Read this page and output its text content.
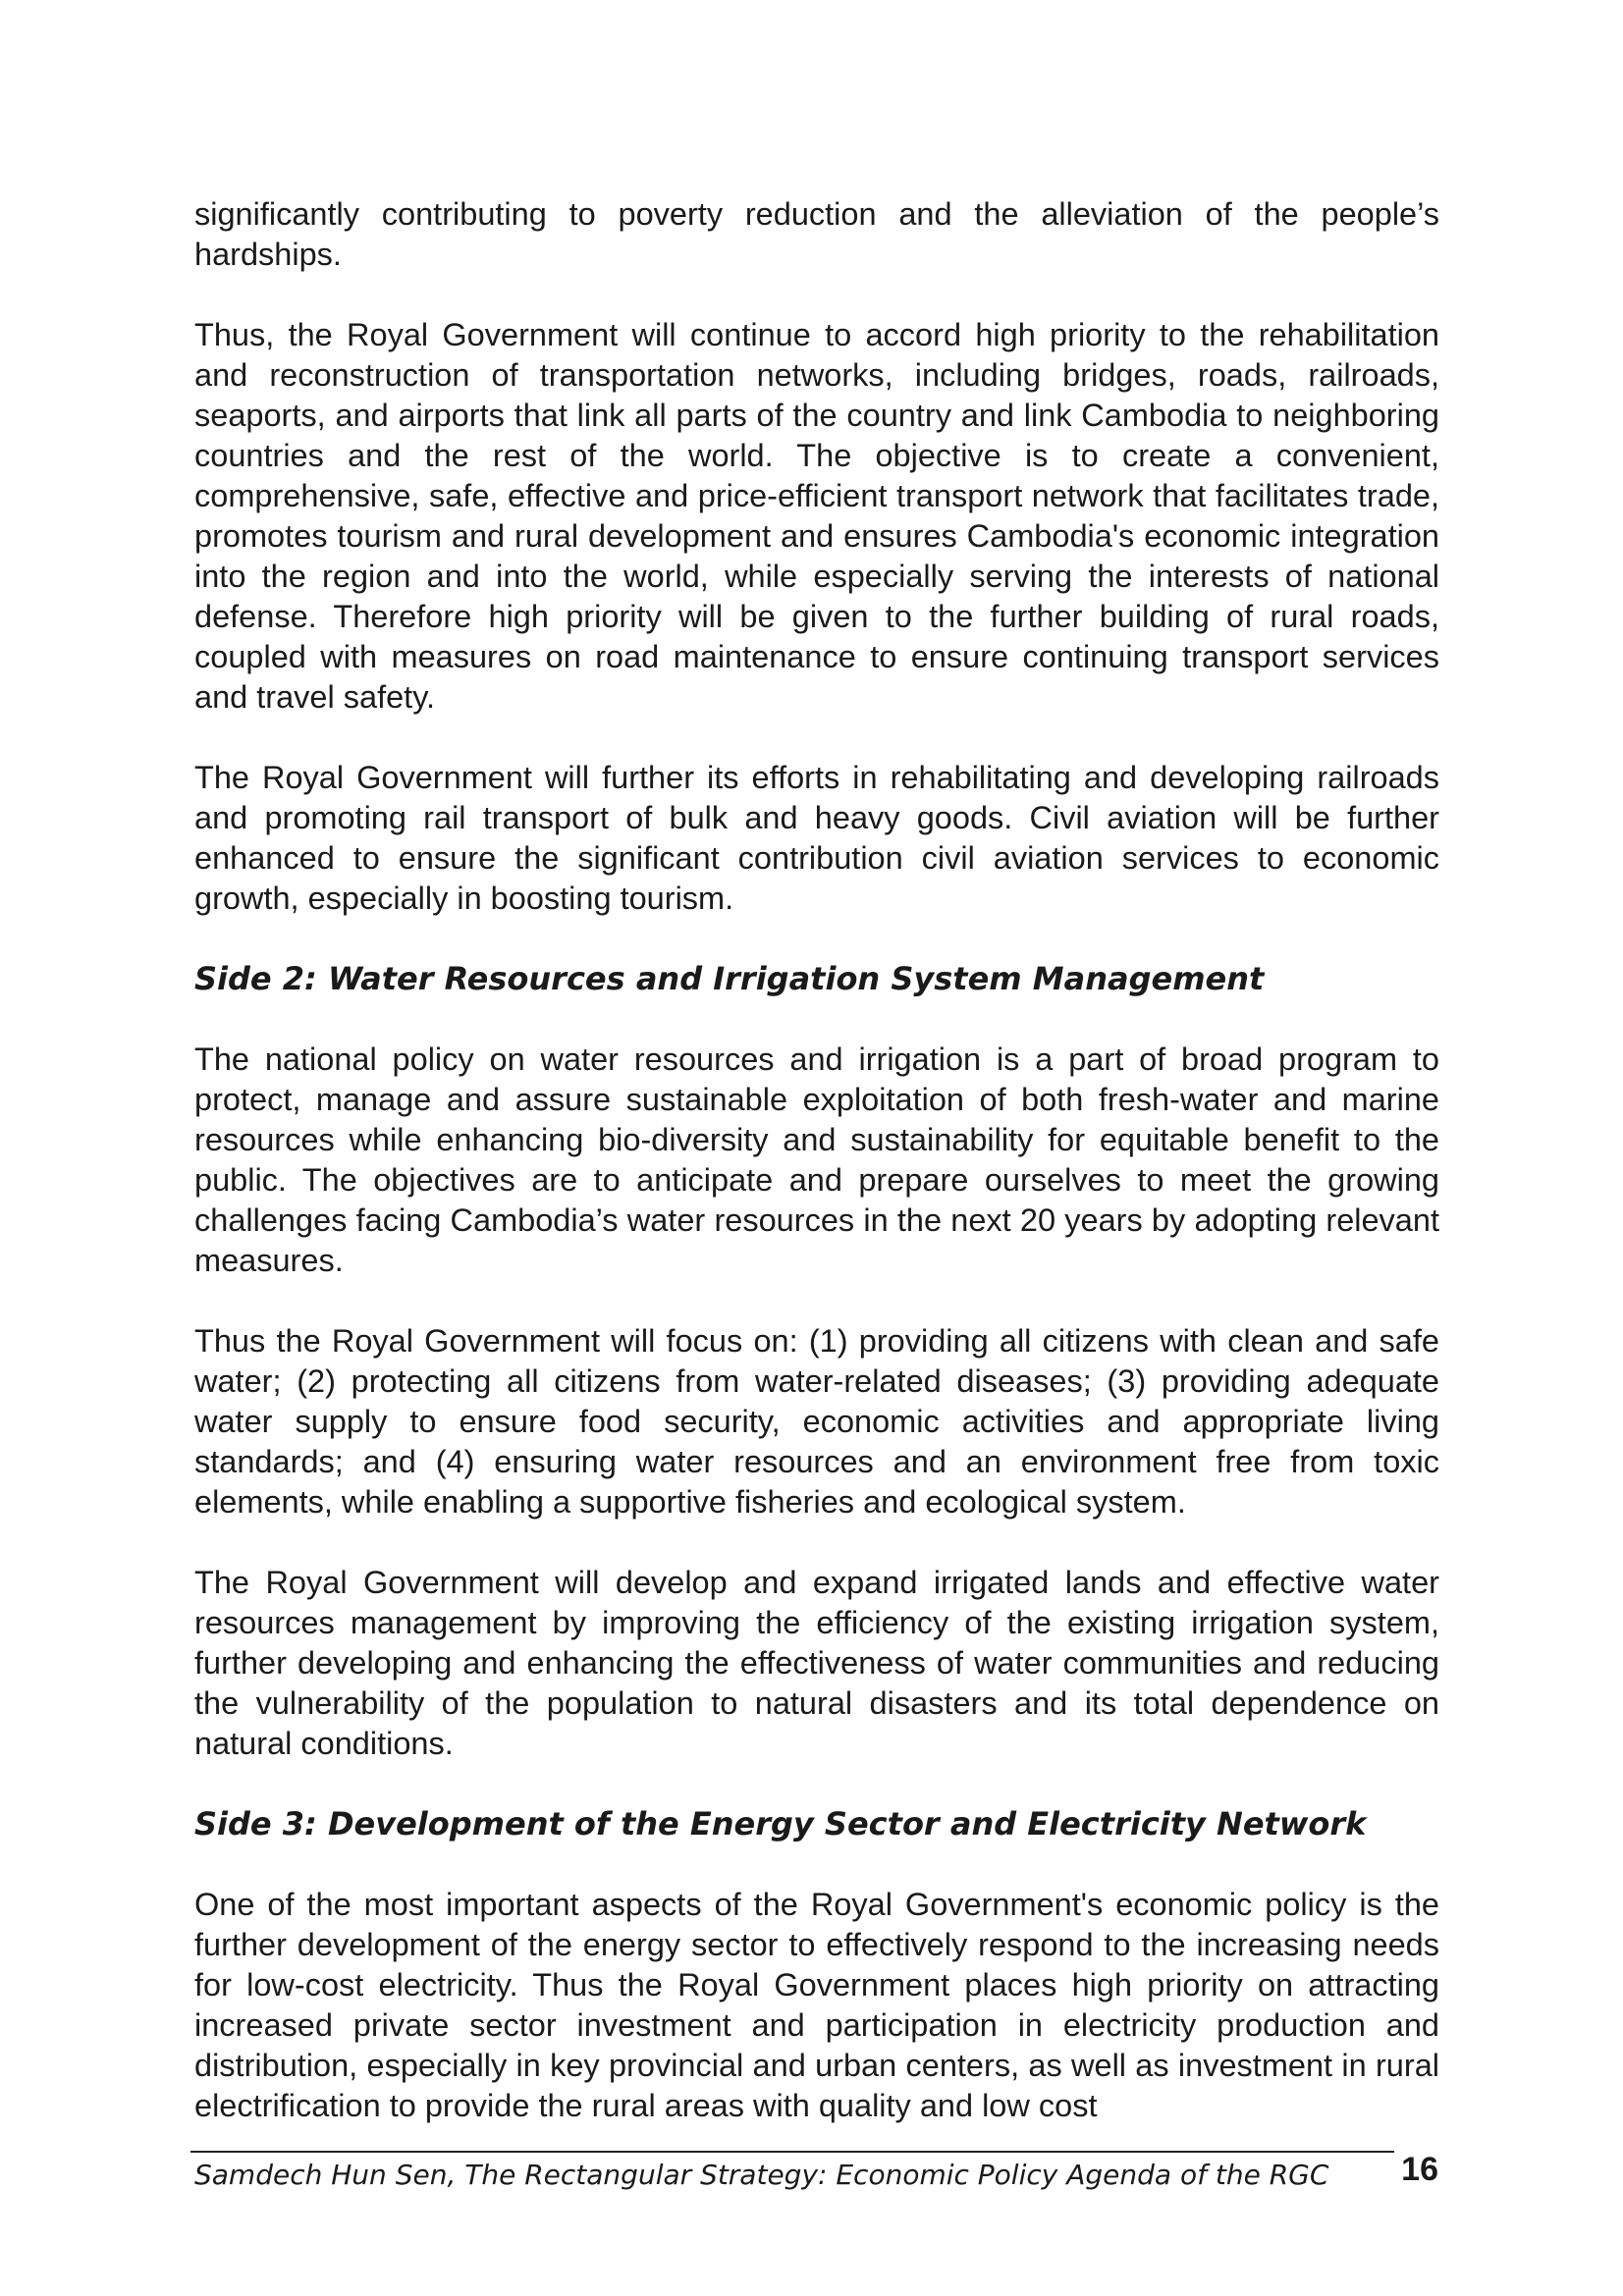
significantly contributing to poverty reduction and the alleviation of the people’s hardships.

Thus, the Royal Government will continue to accord high priority to the rehabilitation and reconstruction of transportation networks, including bridges, roads, railroads, seaports, and airports that link all parts of the country and link Cambodia to neighboring countries and the rest of the world. The objective is to create a convenient, comprehensive, safe, effective and price-efficient transport network that facilitates trade, promotes tourism and rural development and ensures Cambodia's economic integration into the region and into the world, while especially serving the interests of national defense. Therefore high priority will be given to the further building of rural roads, coupled with measures on road maintenance to ensure continuing transport services and travel safety.

The Royal Government will further its efforts in rehabilitating and developing railroads and promoting rail transport of bulk and heavy goods. Civil aviation will be further enhanced to ensure the significant contribution civil aviation services to economic growth, especially in boosting tourism.

Side 2: Water Resources and Irrigation System Management

The national policy on water resources and irrigation is a part of broad program to protect, manage and assure sustainable exploitation of both fresh-water and marine resources while enhancing bio-diversity and sustainability for equitable benefit to the public. The objectives are to anticipate and prepare ourselves to meet the growing challenges facing Cambodia’s water resources in the next 20 years by adopting relevant measures.

Thus the Royal Government will focus on: (1) providing all citizens with clean and safe water; (2) protecting all citizens from water-related diseases; (3) providing adequate water supply to ensure food security, economic activities and appropriate living standards; and (4) ensuring water resources and an environment free from toxic elements, while enabling a supportive fisheries and ecological system.

The Royal Government will develop and expand irrigated lands and effective water resources management by improving the efficiency of the existing irrigation system, further developing and enhancing the effectiveness of water communities and reducing the vulnerability of the population to natural disasters and its total dependence on natural conditions.

Side 3: Development of the Energy Sector and Electricity Network

One of the most important aspects of the Royal Government's economic policy is the further development of the energy sector to effectively respond to the increasing needs for low-cost electricity. Thus the Royal Government places high priority on attracting increased private sector investment and participation in electricity production and distribution, especially in key provincial and urban centers, as well as investment in rural electrification to provide the rural areas with quality and low cost

Samdech Hun Sen, The Rectangular Strategy: Economic Policy Agenda of the RGC 16
